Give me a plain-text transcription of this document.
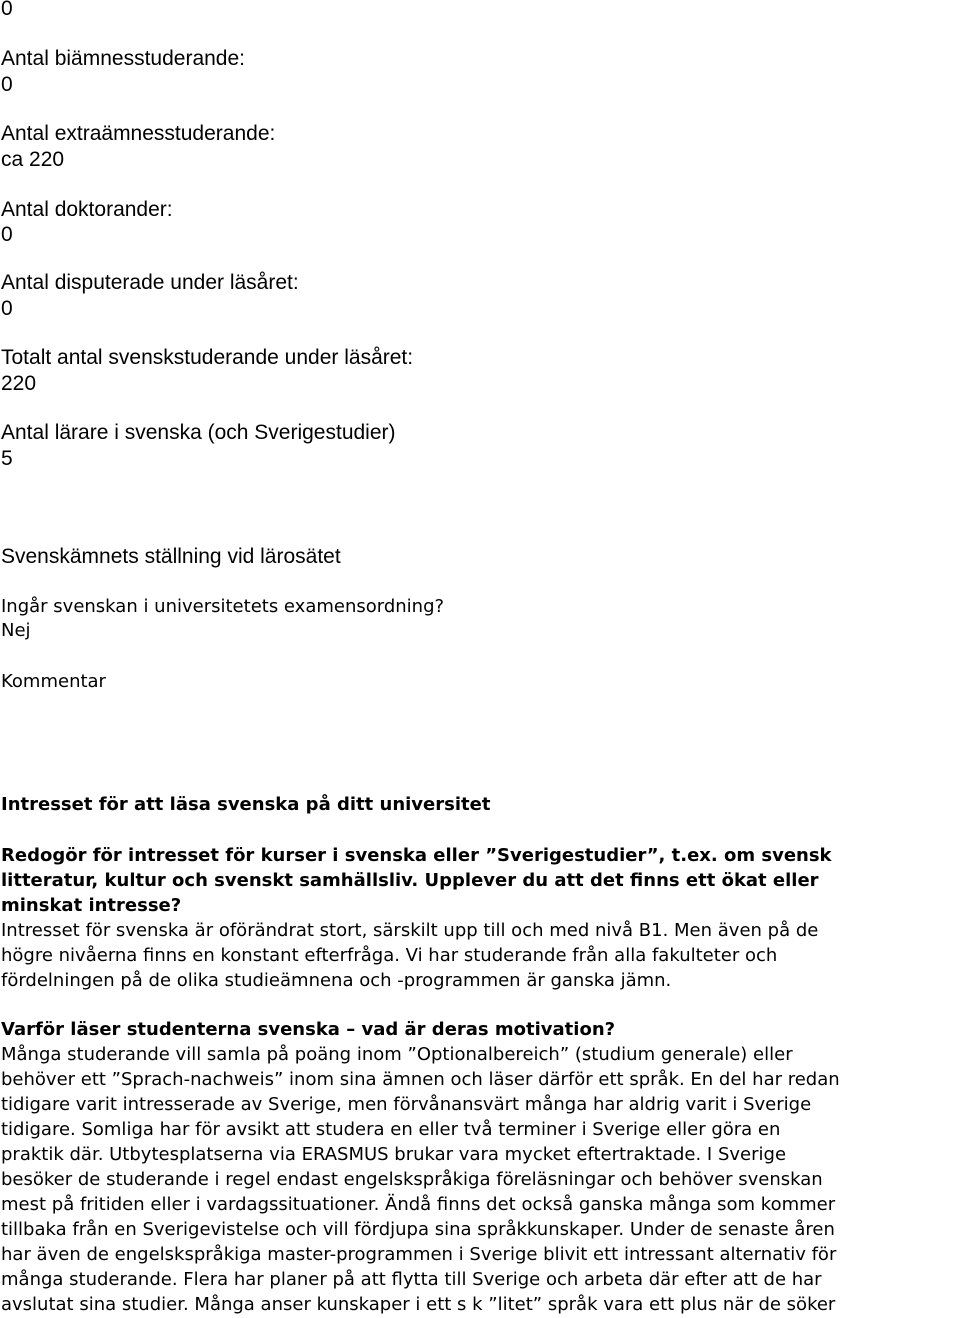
0
Antal biämnesstuderande:
0
Antal extraämnesstuderande:
ca 220
Antal doktorander:
0
Antal disputerade under läsåret:
0
Totalt antal svenskstuderande under läsåret:
220
Antal lärare i svenska (och Sverigestudier)
5
Svenskämnets ställning vid lärosätet
Ingår svenskan i universitetets examensordning?
Nej
Kommentar
Intresset för att läsa svenska på ditt universitet
Redogör för intresset för kurser i svenska eller ”Sverigestudier”, t.ex. om svensk
litteratur, kultur och svenskt samhällsliv. Upplever du att det finns ett ökat eller
minskat intresse?
Intresset för svenska är oförändrat stort, särskilt upp till och med nivå B1. Men även på de
högre nivåerna finns en konstant efterfråga. Vi har studerande från alla fakulteter och
fördelningen på de olika studieämnena och -programmen är ganska jämn.
Varför läser studenterna svenska – vad är deras motivation?
Många studerande vill samla på poäng inom ”Optionalbereich” (studium generale) eller
behöver ett ”Sprach-nachweis” inom sina ämnen och läser därför ett språk. En del har redan
tidigare varit intresserade av Sverige, men förvånansvärt många har aldrig varit i Sverige
tidigare. Somliga har för avsikt att studera en eller två terminer i Sverige eller göra en
praktik där. Utbytesplatserna via ERASMUS brukar vara mycket eftertraktade. I Sverige
besöker de studerande i regel endast engelskspråkiga föreläsningar och behöver svenskan
mest på fritiden eller i vardagssituationer. Ändå finns det också ganska många som kommer
tillbaka från en Sverigevistelse och vill fördjupa sina språkkunskaper. Under de senaste åren
har även de engelskspråkiga master-programmen i Sverige blivit ett intressant alternativ för
många studerande. Flera har planer på att flytta till Sverige och arbeta där efter att de har
avslutat sina studier. Många anser kunskaper i ett s k ”litet” språk vara ett plus när de söker
